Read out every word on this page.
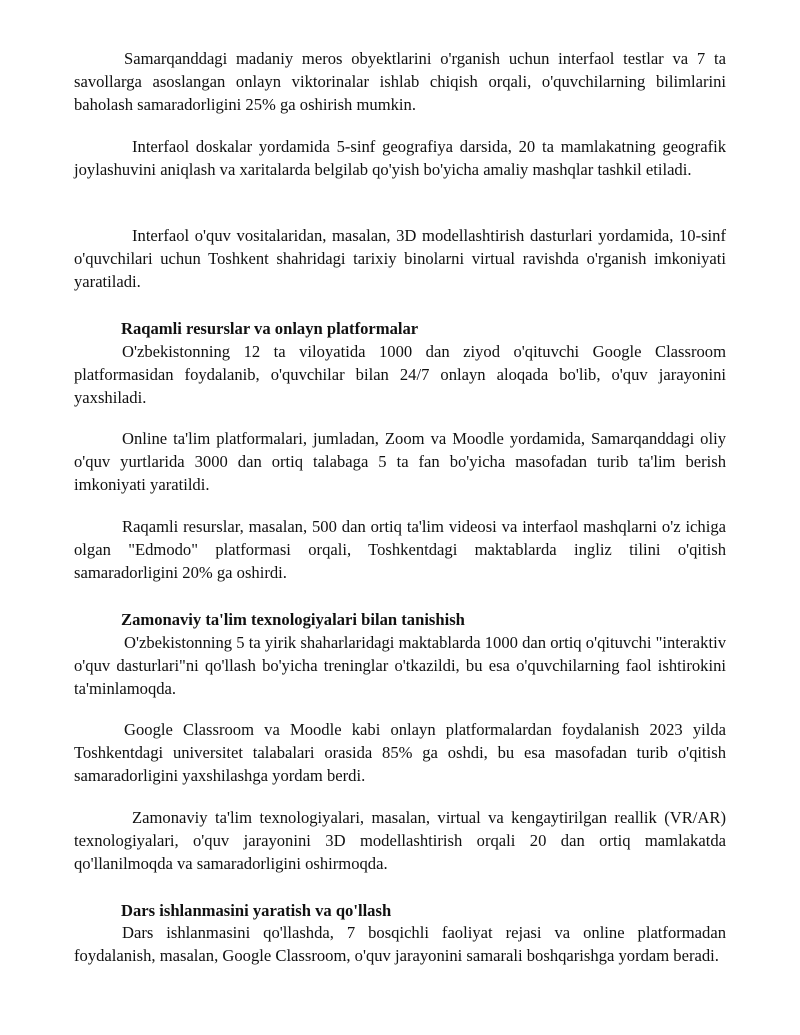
Samarqanddagi madaniy meros obyektlarini o'rganish uchun interfaol testlar va 7 ta savollarga asoslangan onlayn viktorinalar ishlab chiqish orqali, o'quvchilarning bilimlarini baholash samaradorligini 25% ga oshirish mumkin.

Interfaol doskalar yordamida 5-sinf geografiya darsida, 20 ta mamlakatning geografik joylashuvini aniqlash va xaritalarda belgilab qo'yish bo'yicha amaliy mashqlar tashkil etiladi.

Interfaol o'quv vositalaridan, masalan, 3D modellashtirish dasturlari yordamida, 10-sinf o'quvchilari uchun Toshkent shahridagi tarixiy binolarni virtual ravishda o'rganish imkoniyati yaratiladi.

Raqamli resurslar va onlayn platformalar

O'zbekistonning 12 ta viloyatida 1000 dan ziyod o'qituvchi Google Classroom platformasidan foydalanib, o'quvchilar bilan 24/7 onlayn aloqada bo'lib, o'quv jarayonini yaxshiladi.

Online ta'lim platformalari, jumladan, Zoom va Moodle yordamida, Samarqanddagi oliy o'quv yurtlarida 3000 dan ortiq talabaga 5 ta fan bo'yicha masofadan turib ta'lim berish imkoniyati yaratildi.

Raqamli resurslar, masalan, 500 dan ortiq ta'lim videosi va interfaol mashqlarni o'z ichiga olgan "Edmodo" platformasi orqali, Toshkentdagi maktablarda ingliz tilini o'qitish samaradorligini 20% ga oshirdi.

Zamonaviy ta'lim texnologiyalari bilan tanishish

O'zbekistonning 5 ta yirik shaharlaridagi maktablarda 1000 dan ortiq o'qituvchi "interaktiv o'quv dasturlari"ni qo'llash bo'yicha treninglar o'tkazildi, bu esa o'quvchilarning faol ishtirokini ta'minlamoqda.

Google Classroom va Moodle kabi onlayn platformalardan foydalanish 2023 yilda Toshkentdagi universitet talabalari orasida 85% ga oshdi, bu esa masofadan turib o'qitish samaradorligini yaxshilashga yordam berdi.

Zamonaviy ta'lim texnologiyalari, masalan, virtual va kengaytirilgan reallik (VR/AR) texnologiyalari, o'quv jarayonini 3D modellashtirish orqali 20 dan ortiq mamlakatda qo'llanilmoqda va samaradorligini oshirmoqda.

Dars ishlanmasini yaratish va qo'llash

Dars ishlanmasini qo'llashda, 7 bosqichli faoliyat rejasi va online platformadan foydalanish, masalan, Google Classroom, o'quv jarayonini samarali boshqarishga yordam beradi.
